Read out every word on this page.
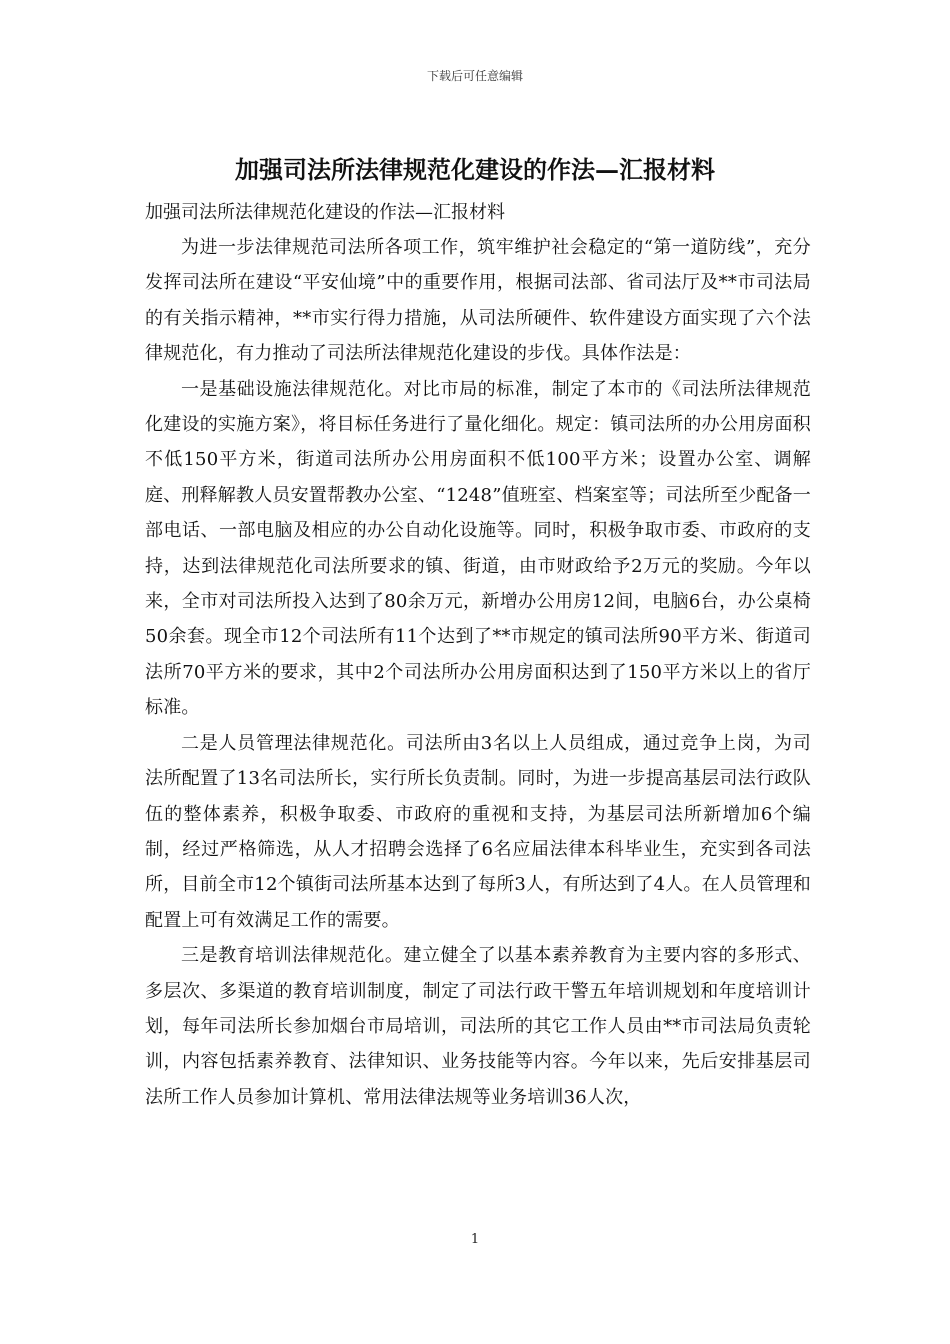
下载后可任意编辑
加强司法所法律规范化建设的作法—汇报材料
加强司法所法律规范化建设的作法—汇报材料

为进一步法律规范司法所各项工作，筑牢维护社会稳定的“第一道防线”，充分发挥司法所在建设“平安仙境”中的重要作用，根据司法部、省司法厅及**市司法局的有关指示精神，**市实行得力措施，从司法所硬件、软件建设方面实现了六个法律规范化，有力推动了司法所法律规范化建设的步伐。具体作法是：

一是基础设施法律规范化。对比市局的标准，制定了本市的《司法所法律规范化建设的实施方案》，将目标任务进行了量化细化。规定：镇司法所的办公用房面积不低150平方米，街道司法所办公用房面积不低100平方米；设置办公室、调解庭、刑释解教人员安置帮教办公室、“1248”值班室、档案室等；司法所至少配备一部电话、一部电脑及相应的办公自动化设施等。同时，积极争取市委、市政府的支持，达到法律规范化司法所要求的镇、街道，由市财政给予2万元的奖励。今年以来，全市对司法所投入达到了80余万元，新增办公用房12间，电脑6台，办公桌椅50余套。现全市12个司法所有11个达到了**市规定的镇司法所90平方米、街道司法所70平方米的要求，其中2个司法所办公用房面积达到了150平方米以上的省厅标准。

二是人员管理法律规范化。司法所由3名以上人员组成，通过竞争上岗，为司法所配置了13名司法所长，实行所长负责制。同时，为进一步提高基层司法行政队伍的整体素养，积极争取委、市政府的重视和支持，为基层司法所新增加6个编制，经过严格筛选，从人才招聘会选择了6名应届法律本科毕业生，充实到各司法所，目前全市12个镇街司法所基本达到了每所3人，有所达到了4人。在人员管理和配置上可有效满足工作的需要。

三是教育培训法律规范化。建立健全了以基本素养教育为主要内容的多形式、多层次、多渠道的教育培训制度，制定了司法行政干警五年培训规划和年度培训计划，每年司法所长参加烟台市局培训，司法所的其它工作人员由**市司法局负责轮训，内容包括素养教育、法律知识、业务技能等内容。今年以来，先后安排基层司法所工作人员参加计算机、常用法律法规等业务培训36人次，

1
